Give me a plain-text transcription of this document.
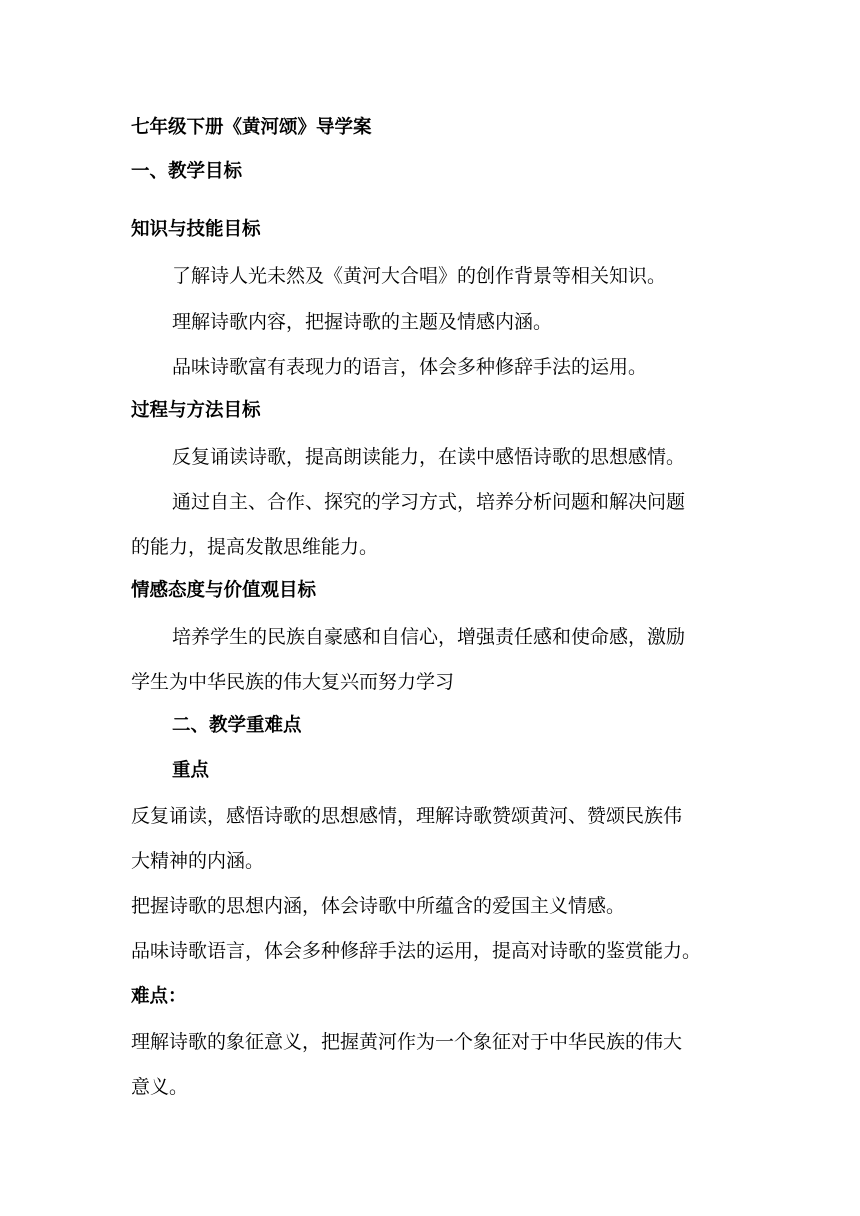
七年级下册《黄河颂》导学案
一、教学目标
知识与技能目标
了解诗人光未然及《黄河大合唱》的创作背景等相关知识。
理解诗歌内容，把握诗歌的主题及情感内涵。
品味诗歌富有表现力的语言，体会多种修辞手法的运用。
过程与方法目标
反复诵读诗歌，提高朗读能力，在读中感悟诗歌的思想感情。
通过自主、合作、探究的学习方式，培养分析问题和解决问题
的能力，提高发散思维能力。
情感态度与价值观目标
培养学生的民族自豪感和自信心，增强责任感和使命感，激励
学生为中华民族的伟大复兴而努力学习
二、教学重难点
重点
反复诵读，感悟诗歌的思想感情，理解诗歌赞颂黄河、赞颂民族伟
大精神的内涵。
把握诗歌的思想内涵，体会诗歌中所蕴含的爱国主义情感。
品味诗歌语言，体会多种修辞手法的运用，提高对诗歌的鉴赏能力。
难点：
理解诗歌的象征意义，把握黄河作为一个象征对于中华民族的伟大
意义。
